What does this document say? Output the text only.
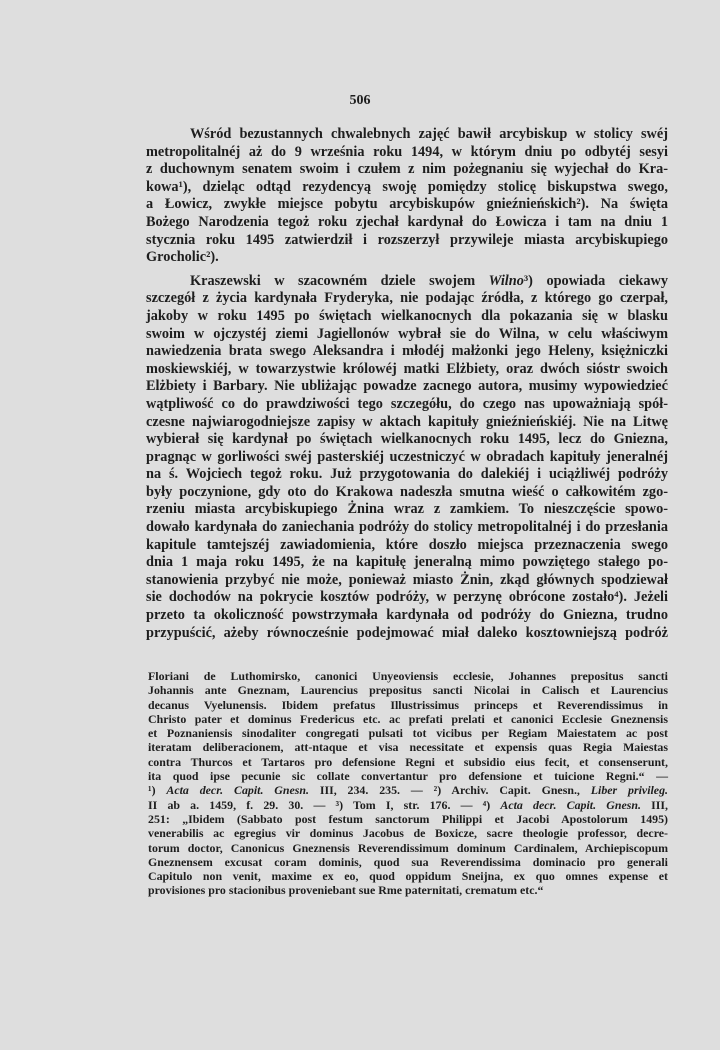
506
Wśród bezustannych chwalebnych zajęć bawił arcybiskup w stolicy swéj
metropolitalnéj aż do 9 września roku 1494, w którym dniu po odbytéj sesyi
z duchownym senatem swoim i czułem z nim pożegnaniu się wyjechał do Kra-
kowa¹), dzieląc odtąd rezydencyą swoję pomiędzy stolicę biskupstwa swego,
a Łowicz, zwykłe miejsce pobytu arcybiskupów gnieźnieńskich²). Na święta
Bożego Narodzenia tegoż roku zjechał kardynał do Łowicza i tam na dniu 1
stycznia roku 1495 zatwierdził i rozszerzył przywileje miasta arcybiskupiego
Grocholic²).
Kraszewski w szacowném dziele swojem Wilno³) opowiada ciekawy
szczegół z życia kardynała Fryderyka, nie podając źródła, z którego go czerpał,
jakoby w roku 1495 po świętach wielkanocnych dla pokazania się w blasku
swoim w ojczystéj ziemi Jagiellonów wybrał sie do Wilna, w celu właściwym
nawiedzenia brata swego Aleksandra i młodéj małżonki jego Heleny, księżniczki
moskiewskiéj, w towarzystwie królowéj matki Elżbiety, oraz dwóch sióstr swoich
Elżbiety i Barbary. Nie ubliżając powadze zacnego autora, musimy wypowiedzieć
wątpliwość co do prawdziwości tego szczegółu, do czego nas upoważniają spół-
czesne najwiarogodniejsze zapisy w aktach kapituły gnieźnieńskiéj. Nie na Litwę
wybierał się kardynał po świętach wielkanocnych roku 1495, lecz do Gniezna,
pragnąc w gorliwości swéj pasterskiéj uczestniczyć w obradach kapituły jeneralnéj
na ś. Wojciech tegoż roku. Już przygotowania do dalekiéj i uciążliwéj podróży
były poczynione, gdy oto do Krakowa nadeszła smutna wieść o całkowitém zgo-
rzeniu miasta arcybiskupiego Żnina wraz z zamkiem. To nieszczęście spowo-
dowało kardynała do zaniechania podróży do stolicy metropolitalnéj i do przesłania
kapitule tamtejszéj zawiadomienia, które doszło miejsca przeznaczenia swego
dnia 1 maja roku 1495, że na kapitułę jeneralną mimo powziętego stałego po-
stanowienia przybyć nie może, ponieważ miasto Żnin, zkąd głównych spodziewał
sie dochodów na pokrycie kosztów podróży, w perzynę obrócone zostało⁴). Jeżeli
przeto ta okoliczność powstrzymała kardynała od podróży do Gniezna, trudno
przypuścić, ażeby równocześnie podejmować miał daleko kosztowniejszą podróż
Floriani de Luthomirsko, canonici Unyeoviensis ecclesie, Johannes prepositus sancti
Johannis ante Gneznam, Laurencius prepositus sancti Nicolai in Calisch et Laurencius
decanus Vyelunensis. Ibidem prefatus Illustrissimus princeps et Reverendissimus in
Christo pater et dominus Fredericus etc. ac prefati prelati et canonici Ecclesie Gneznensis
et Poznaniensis sinodaliter congregati pulsati tot vicibus per Regiam Maiestatem ac post
iteratam deliberacionem, att-ntaque et visa necessitate et expensis quas Regia Maiestas
contra Thurcos et Tartaros pro defensione Regni et subsidio eius fecit, et consenserunt,
ita quod ipse pecunie sic collate convertantur pro defensione et tuicione Regni.“ —
¹) Acta decr. Capit. Gnesn. III, 234. 235. — ²) Archiv. Capit. Gnesn., Liber privileg.
II ab a. 1459, f. 29. 30. — ³) Tom I, str. 176. — ⁴) Acta decr. Capit. Gnesn. III,
251: „Ibidem (Sabbato post festum sanctorum Philippi et Jacobi Apostolorum 1495)
venerabilis ac egregius vir dominus Jacobus de Boxicze, sacre theologie professor, decre-
torum doctor, Canonicus Gneznensis Reverendissimum dominum Cardinalem, Archiepiscopum
Gneznensem excusat coram dominis, quod sua Reverendissima dominacio pro generali
Capitulo non venit, maxime ex eo, quod oppidum Sneijna, ex quo omnes expense et
provisiones pro stacionibus proveniebant sue Rme paternitati, crematum etc.“
